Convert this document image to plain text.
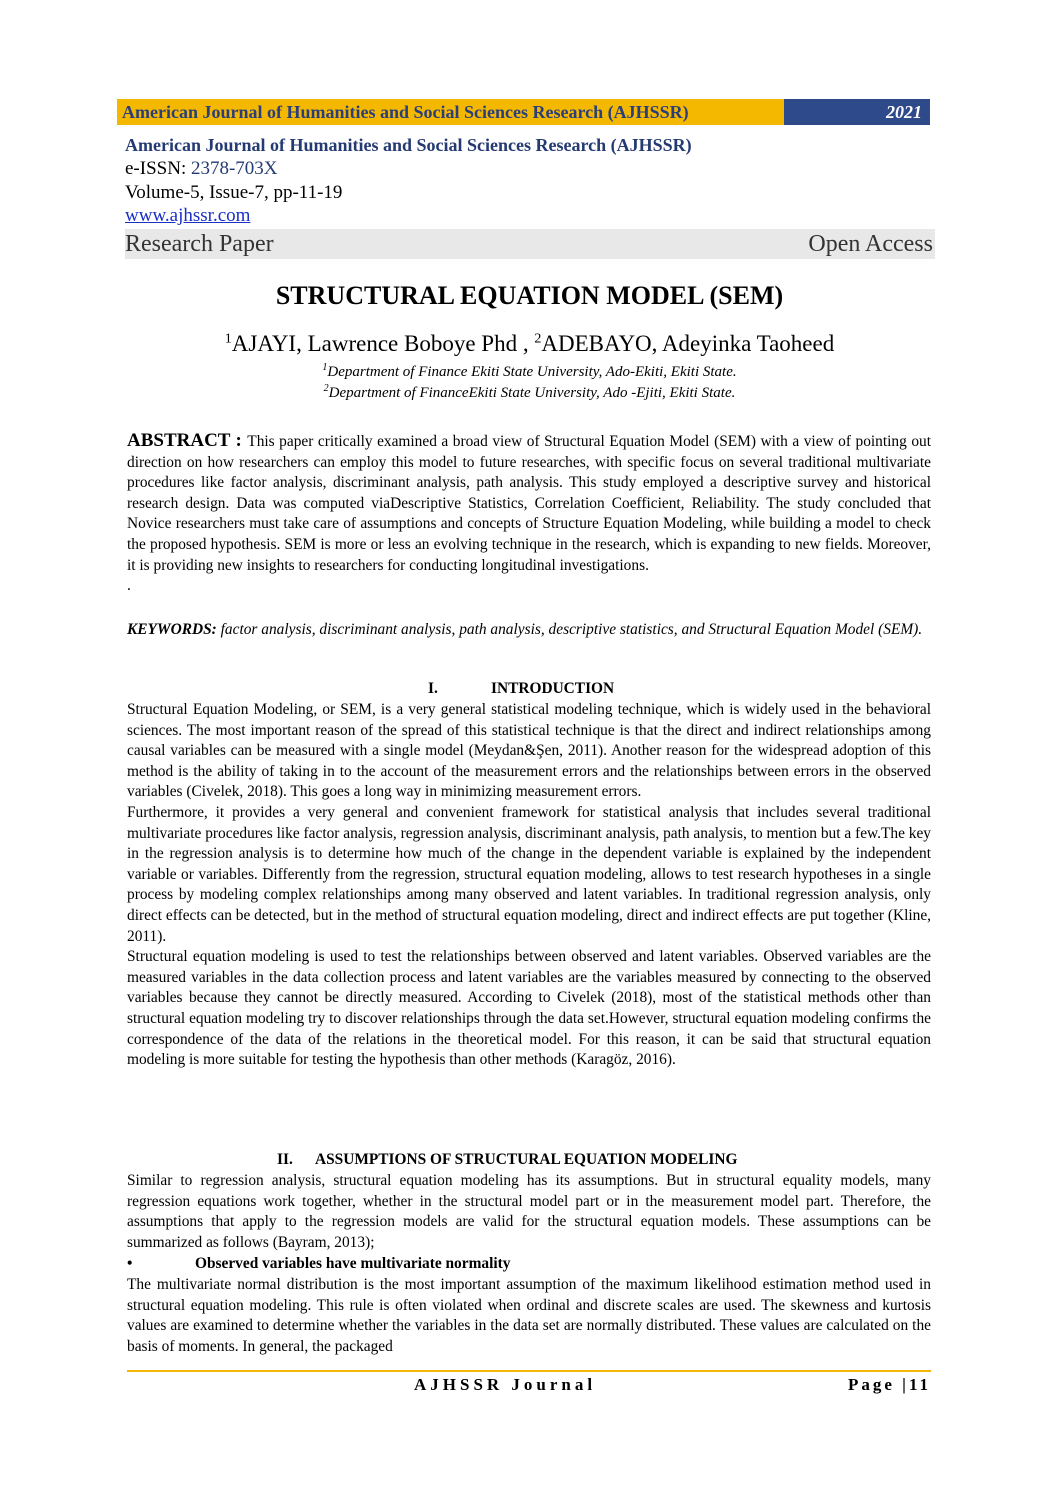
American Journal of Humanities and Social Sciences Research (AJHSSR)	2021
American Journal of Humanities and Social Sciences Research (AJHSSR)
e-ISSN: 2378-703X
Volume-5, Issue-7, pp-11-19
www.ajhssr.com
Research Paper	Open Access
STRUCTURAL EQUATION MODEL (SEM)
$^1$AJAYI, Lawrence Boboye Phd , $^2$ADEBAYO, Adeyinka Taoheed
$^1$Department of Finance Ekiti State University, Ado-Ekiti, Ekiti State.
$^2$Department of FinanceEkiti State University, Ado -Ejiti, Ekiti State.

ABSTRACT : This paper critically examined a broad view of Structural Equation Model (SEM) with a view of pointing out direction on how researchers can employ this model to future researches, with specific focus on several traditional multivariate procedures like factor analysis, discriminant analysis, path analysis. This study employed a descriptive survey and historical research design. Data was computed viaDescriptive Statistics, Correlation Coefficient, Reliability. The study concluded that Novice researchers must take care of assumptions and concepts of Structure Equation Modeling, while building a model to check the proposed hypothesis. SEM is more or less an evolving technique in the research, which is expanding to new fields. Moreover, it is providing new insights to researchers for conducting longitudinal investigations.

.

KEYWORDS: factor analysis, discriminant analysis, path analysis, descriptive statistics, and Structural Equation Model (SEM).

I.	INTRODUCTION

Structural Equation Modeling, or SEM, is a very general statistical modeling technique, which is widely used in the behavioral sciences. The most important reason of the spread of this statistical technique is that the direct and indirect relationships among causal variables can be measured with a single model (Meydan&Şen, 2011). Another reason for the widespread adoption of this method is the ability of taking in to the account of the measurement errors and the relationships between errors in the observed variables (Civelek, 2018). This goes a long way in minimizing measurement errors.

Furthermore, it provides a very general and convenient framework for statistical analysis that includes several traditional multivariate procedures like factor analysis, regression analysis, discriminant analysis, path analysis, to mention but a few.The key in the regression analysis is to determine how much of the change in the dependent variable is explained by the independent variable or variables. Differently from the regression, structural equation modeling, allows to test research hypotheses in a single process by modeling complex relationships among many observed and latent variables. In traditional regression analysis, only direct effects can be detected, but in the method of structural equation modeling, direct and indirect effects are put together (Kline, 2011).

Structural equation modeling is used to test the relationships between observed and latent variables. Observed variables are the measured variables in the data collection process and latent variables are the variables measured by connecting to the observed variables because they cannot be directly measured. According to Civelek (2018), most of the statistical methods other than structural equation modeling try to discover relationships through the data set.However, structural equation modeling confirms the correspondence of the data of the relations in the theoretical model. For this reason, it can be said that structural equation modeling is more suitable for testing the hypothesis than other methods (Karagöz, 2016).

II. ASSUMPTIONS OF STRUCTURAL EQUATION MODELING

Similar to regression analysis, structural equation modeling has its assumptions. But in structural equality models, many regression equations work together, whether in the structural model part or in the measurement model part. Therefore, the assumptions that apply to the regression models are valid for the structural equation models. These assumptions can be summarized as follows (Bayram, 2013);

•	Observed variables have multivariate normality

The multivariate normal distribution is the most important assumption of the maximum likelihood estimation method used in structural equation modeling. This rule is often violated when ordinal and discrete scales are used. The skewness and kurtosis values are examined to determine whether the variables in the data set are normally distributed. These values are calculated on the basis of moments. In general, the packaged

AJHSSR Journal	Page |11
